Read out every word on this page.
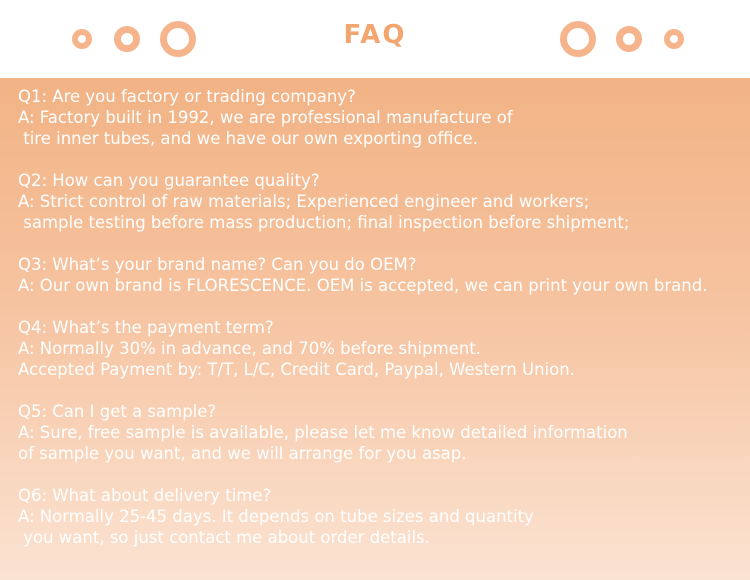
FAQ
Q1: Are you factory or trading company?
A: Factory built in 1992, we are professional manufacture of
tire inner tubes, and we have our own exporting office.
Q2: How can you guarantee quality?
A: Strict control of raw materials; Experienced engineer and workers;
sample testing before mass production; final inspection before shipment;
Q3: What’s your brand name? Can you do OEM?
A: Our own brand is FLORESCENCE. OEM is accepted, we can print your own brand.
Q4: What’s the payment term?
A: Normally 30% in advance, and 70% before shipment.
Accepted Payment by: T/T, L/C, Credit Card, Paypal, Western Union.
Q5: Can I get a sample?
A: Sure, free sample is available, please let me know detailed information
of sample you want, and we will arrange for you asap.
Q6: What about delivery time?
A: Normally 25-45 days. It depends on tube sizes and quantity
you want, so just contact me about order details.
